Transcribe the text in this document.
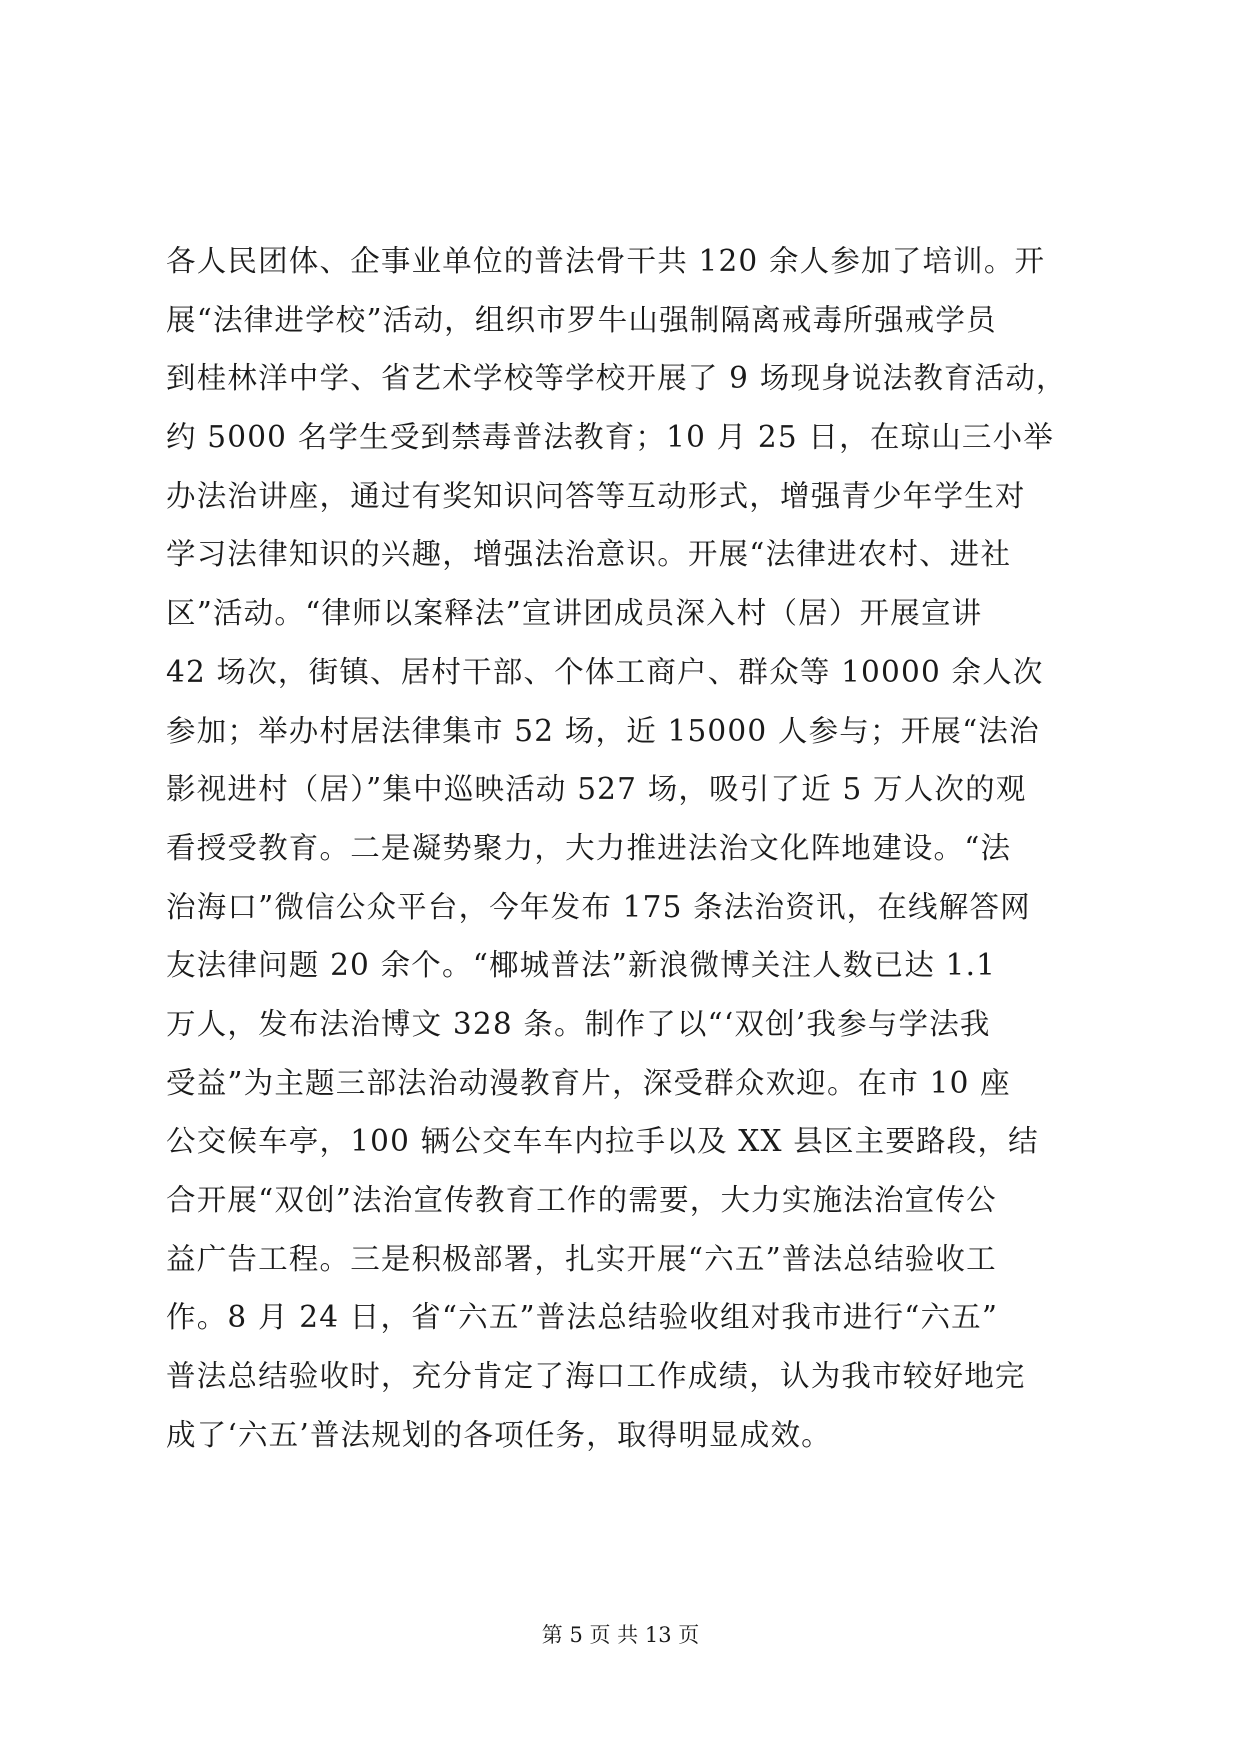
各人民团体、企事业单位的普法骨干共 120 余人参加了培训。开
展“法律进学校”活动，组织市罗牛山强制隔离戒毒所强戒学员
到桂林洋中学、省艺术学校等学校开展了 9 场现身说法教育活动，
约 5000 名学生受到禁毒普法教育；10 月 25 日，在琼山三小举
办法治讲座，通过有奖知识问答等互动形式，增强青少年学生对
学习法律知识的兴趣，增强法治意识。开展“法律进农村、进社
区”活动。“律师以案释法”宣讲团成员深入村（居）开展宣讲
42 场次，街镇、居村干部、个体工商户、群众等 10000 余人次
参加；举办村居法律集市 52 场，近 15000 人参与；开展“法治
影视进村（居）”集中巡映活动 527 场，吸引了近 5 万人次的观
看授受教育。二是凝势聚力，大力推进法治文化阵地建设。“法
治海口”微信公众平台，今年发布 175 条法治资讯，在线解答网
友法律问题 20 余个。“椰城普法”新浪微博关注人数已达 1.1
万人，发布法治博文 328 条。制作了以“‘双创’我参与学法我
受益”为主题三部法治动漫教育片，深受群众欢迎。在市 10 座
公交候车亭，100 辆公交车车内拉手以及 XX 县区主要路段，结
合开展“双创”法治宣传教育工作的需要，大力实施法治宣传公
益广告工程。三是积极部署，扎实开展“六五”普法总结验收工
作。8 月 24 日，省“六五”普法总结验收组对我市进行“六五”
普法总结验收时，充分肯定了海口工作成绩，认为我市较好地完
成了‘六五’普法规划的各项任务，取得明显成效。
第 5 页 共 13 页
